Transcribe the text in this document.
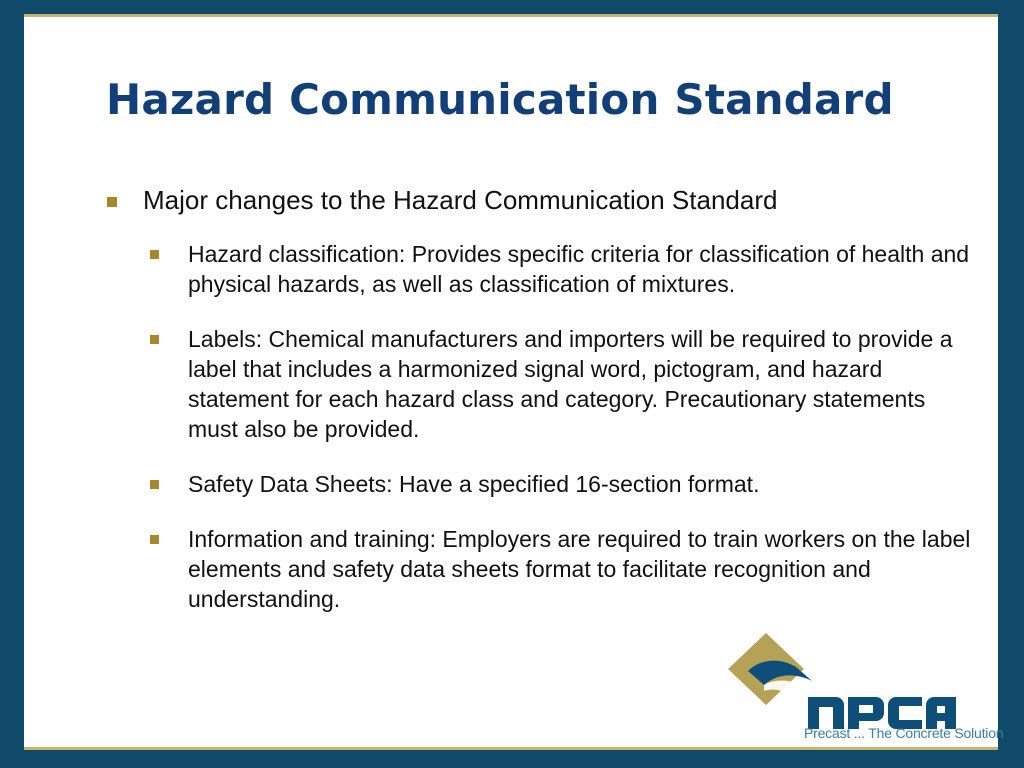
Hazard Communication Standard
Major changes to the Hazard Communication Standard
Hazard classification: Provides specific criteria for classification of health and physical hazards, as well as classification of mixtures.
Labels: Chemical manufacturers and importers will be required to provide a label that includes a harmonized signal word, pictogram, and hazard statement for each hazard class and category. Precautionary statements must also be provided.
Safety Data Sheets: Have a specified 16-section format.
Information and training: Employers are required to train workers on the label elements and safety data sheets format to facilitate recognition and understanding.
Precast ... The Concrete Solution
